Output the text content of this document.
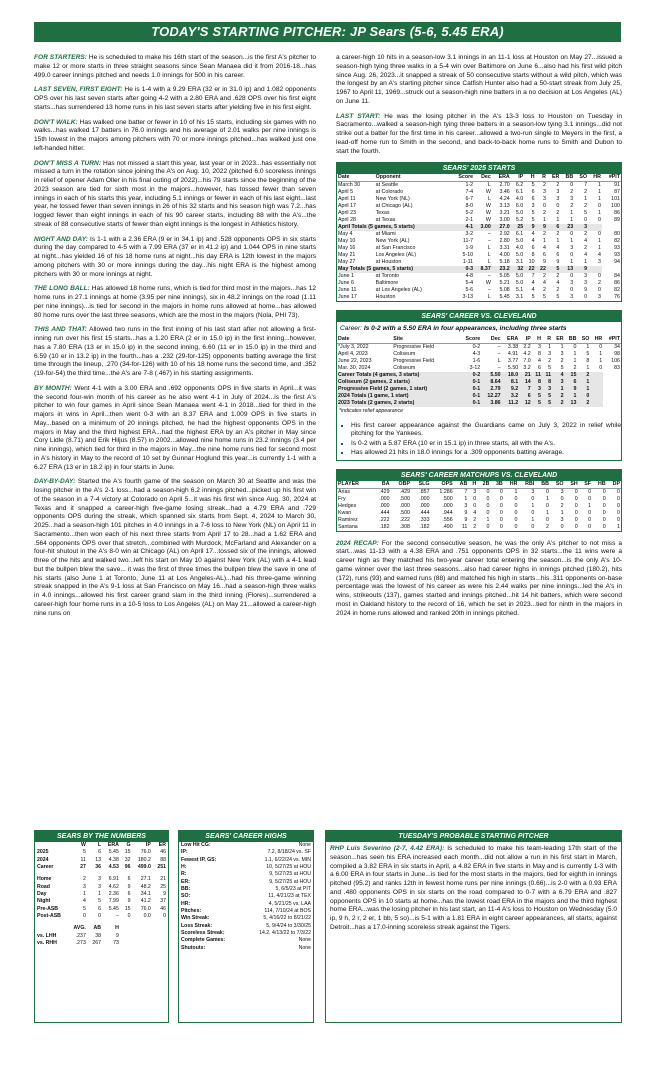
TODAY'S STARTING PITCHER: JP Sears (5-6, 5.45 ERA)

FOR STARTERS: He is scheduled to make his 16th start of the season...is the first A's pitcher to make 12 or more starts in three straight seasons since Sean Manaea did it from 2016-18...has 499.0 career innings pitched and needs 1.0 innings for 500 in his career.

LAST SEVEN, FIRST EIGHT: He is 1-4 with a 9.29 ERA (32 er in 31.0 ip) and 1.082 opponents OPS over his last seven starts after going 4-2 with a 2.80 ERA and .628 OPS over his first eight starts...has surrendered 13 home runs in his last seven starts after yielding five in his first eight.

DON'T WALK: Has walked one batter or fewer in 10 of his 15 starts, including six games with no walks...has walked 17 batters in 76.0 innings and his average of 2.01 walks per nine innings is 15th lowest in the majors among pitchers with 70 or more innings pitched...has walked just one left-handed hitter.

DON'T MISS A TURN: Has not missed a start this year, last year or in 2023...has essentially not missed a turn in the rotation since joining the A's on Aug. 10, 2022 (pitched 6.0 scoreless innings in relief of opener Adam Oller in his final outing of 2022)...his 79 starts since the beginning of the 2023 season are tied for sixth most in the majors...however, has tossed fewer than seven innings in each of his starts this year, including 5.1 innings or fewer in each of his last eight...last year, he tossed fewer than seven innings in 26 of his 32 starts and his season high was 7.2...has logged fewer than eight innings in each of his 90 career starts, including 88 with the A's...the streak of 88 consecutive starts of fewer than eight innings is the longest in Athletics history.

NIGHT AND DAY: Is 1-1 with a 2.36 ERA (9 er in 34.1 ip) and .528 opponents OPS in six starts during the day compared to 4-5 with a 7.99 ERA (37 er in 41.2 ip) and 1.044 OPS in nine starts at night...has yielded 16 of his 18 home runs at night...his day ERA is 12th lowest in the majors among pitchers with 30 or more innings during the day...his night ERA is the highest among pitchers with 30 or more innings at night.

THE LONG BALL: Has allowed 18 home runs, which is tied for third most in the majors...has 12 home runs in 27.1 innings at home (3.95 per nine innings), six in 48.2 innings on the road (1.11 per nine innings)...is tied for second in the majors in home runs allowed at home...has allowed 80 home runs over the last three seasons, which are the most in the majors (Nola, PHI 73).

THIS AND THAT: Allowed two runs in the first inning of his last start after not allowing a first-inning run over his first 15 starts...has a 1.20 ERA (2 er in 15.0 ip) in the first inning...however, has a 7.80 ERA (13 er in 15.0 ip) in the second inning, 6.60 (11 er in 15.0 ip) in the third and 6.59 (10 er in 13.2 ip) in the fourth...has a .232 (29-for-125) opponents batting average the first time through the lineup, .270 (34-for-126) with 10 of his 18 home runs the second time, and .352 (19-for-54) the third time...the A's are 7-8 (.467) in his starting assignments.

BY MONTH: Went 4-1 with a 3.00 ERA and .692 opponents OPS in five starts in April...it was the second four-win month of his career as he also went 4-1 in July of 2024...is the first A's pitcher to win four games in April since Sean Manaea went 4-1 in 2018...tied for third in the majors in wins in April...then went 0-3 with an 8.37 ERA and 1.009 OPS in five starts in May...based on a minimum of 20 innings pitched, he had the highest opponents OPS in the majors in May and the third highest ERA...had the highest ERA by an A's pitcher in May since Cory Lidle (8.71) and Erik Hiljus (8.57) in 2002...allowed nine home runs in 23.2 innings (3.4 per nine innings), which tied for third in the majors in May...the nine home runs tied for second most in A's history in May to the record of 10 set by Gunnar Hoglund this year...is currently 1-1 with a 6.27 ERA (13 er in 18.2 ip) in four starts in June.

DAY-BY-DAY: Started the A's fourth game of the season on March 30 at Seattle and was the losing pitcher in the A's 2-1 loss...had a season-high 6.2 innings pitched...picked up his first win of the season in a 7-4 victory at Colorado on April 5...it was his first win since Aug. 30, 2024 at Texas and it snapped a career-high five-game losing streak...had a 4.79 ERA and .729 opponents OPS during the streak, which spanned six starts from Sept. 4, 2024 to March 30, 2025...had a season-high 101 pitches in 4.0 innings in a 7-6 loss to New York (NL) on April 11 in Sacramento...then won each of his next three starts from April 17 to 28...had a 1.62 ERA and .564 opponents OPS over that stretch...combined with Murdock, McFarland and Alexander on a four-hit shutout in the A's 8-0 win at Chicago (AL) on April 17...tossed six of the innings, allowed three of the hits and walked two...left his start on May 10 against New York (AL) with a 4-1 lead but the bullpen blew the save... it was the first of three times the bullpen blew the save in one of his starts (also June 1 at Toronto, June 11 at Los Angeles-AL)...had his three-game winning streak snapped in the A's 9-1 loss at San Francisco on May 16...had a season-high three walks in 4.0 innings...allowed his first career grand slam in the third inning (Flores)...surrendered a career-high four home runs in a 10-5 loss to Los Angeles (AL) on May 21...allowed a career-high nine runs on

a career-high 10 hits in a season-low 3.1 innings in an 11-1 loss at Houston on May 27...issued a season-high tying three walks in a 5-4 win over Baltimore on June 6...also had his first wild pitch since Aug. 26, 2023...it snapped a streak of 50 consecutive starts without a wild pitch, which was the longest by an A's starting pitcher since Catfish Hunter also had a 50-start streak from July 25, 1967 to April 11, 1969...struck out a season-high nine batters in a no decision at Los Angeles (AL) on June 11.

LAST START: He was the losing pitcher in the A's 13-3 loss to Houston on Tuesday in Sacramento...walked a season-high tying three batters in a season-low tying 3.1 innings...did not strike out a batter for the first time in his career...allowed a two-run single to Meyers in the first, a lead-off home run to Smith in the second, and back-to-back home runs to Smith and Dubon to start the fourth.

SEARS' 2025 STARTS
Date	Opponent	Score	Dec	ERA	IP	H	R	ER	BB	SO	HR	#PIT
March 30	at Seattle	1-2	L	2.70	6.2	5	2	2	0	7	1	91
April 5	at Colorado	7-4	W	3.46	6.1	6	3	3	2	2	1	87
April 11	New York (NL)	6-7	L	4.24	4.0	6	3	3	3	1	1	101
April 17	at Chicago (AL)	8-0	W	3.13	6.0	3	0	0	2	2	0	100
April 23	Texas	5-2	W	3.21	5.0	5	2	2	1	5	1	86
April 28	at Texas	2-1	W	3.00	5.2	5	1	1	1	0	0	89
April Totals (5 games, 5 starts)		4-1	3.00	27.0	25	9	9	6	23	3		
May 4	at Miami	3-2	–	2.92	6.1	4	2	2	0	2	0	80
May 10	New York (AL)	11-7	–	2.80	5.0	4	1	1	1	4	1	82
May 16	at San Francisco	1-9	L	3.31	4.0	6	4	4	3	2	1	93
May 21	Los Angeles (AL)	5-10	L	4.00	5.0	8	6	6	0	4	4	93
May 27	at Houston	1-11	L	5.18	3.1	10	9	9	1	1	3	94
May Totals (5 games, 5 starts)		0-3	8.37	23.2	32	22	22	5	13	9		
June 1	at Toronto	4-8	–	5.05	5.0	7	2	2	0	3	0	84
June 6	Baltimore	5-4	W	5.21	5.0	4	4	4	3	3	2	86
June 11	at Los Angeles (AL)	5-6	–	5.08	5.1	4	2	2	0	9	0	82
June 17	Houston	3-13	L	5.45	3.1	5	5	5	3	0	3	76
SEARS' CAREER VS. CLEVELAND
Career: Is 0-2 with a 5.50 ERA in four appearances, including three starts
Date	Site	Score	Dec	ERA	IP	H	R	ER	BB	SO	HR	#PIT
*July 3, 2022	Progressive Field	0-2	–	3.38	2.2	3	1	1	0	1	0	34
April 4, 2023	Coliseum	4-3	–	4.91	4.2	8	3	3	1	5	1	98
June 22, 2023	Progressive Field	1-6	L	3.77	7.0	4	2	2	1	8	1	106
Mar. 30, 2024	Coliseum	3-12	–	5.50	3.2	6	5	5	2	1	0	83
Career Totals (4 games, 3 starts)		0-2	5.50	18.0	21	11	11	4	15	2		
Coliseum (2 games, 2 starts)		0-1	8.64	8.1	14	8	8	3	6	1		
Progressive Field (2 games, 1 start)		0-1	2.79	9.2	7	3	3	1	9	1		
2024 Totals (1 game, 1 start)		0-1	12.27	3.2	6	5	5	2	1	0		
2023 Totals (2 games, 2 starts)		0-1	3.86	11.2	12	5	5	2	13	2		
*indicates relief appearance
• His first career appearance against the Guardians came on July 3, 2022 in relief while pitching for the Yankees.
• Is 0-2 with a 5.87 ERA (10 er in 15.1 ip) in three starts, all with the A's.
• Has allowed 21 hits in 18.0 innings for a .309 opponents batting average.
SEARS' CAREER MATCHUPS VS. CLEVELAND
PLAYER	BA	OBP	SLG	OPS	AB	H	2B	3B	HR	RBI	BB	SO	SH	SF	HB	DP
Arias	.429	.429	.857	1.286	7	3	0	0	1	3	0	3	0	0	0	0
Fry	.000	.500	.000	.500	1	0	0	0	0	0	1	0	0	0	0	0
Hedges	.000	.000	.000	.000	3	0	0	0	0	1	0	2	0	1	0	0
Kwan	.444	.500	.444	.944	9	4	0	0	0	0	1	1	0	0	0	0
Ramirez	.222	.222	.333	.556	9	2	1	0	0	1	0	3	0	0	0	0
Santana	.182	.308	.182	.490	11	2	0	0	0	0	2	0	0	0	0	1

2024 RECAP: For the second consecutive season, he was the only A's pitcher to not miss a start...was 11-13 with a 4.38 ERA and .751 opponents OPS in 32 starts...the 11 wins were a career high as they matched his two-year career total entering the season...is the only A's 10-game winner over the last three seasons...also had career highs in innings pitched (180.2), hits (172), runs (93) and earned runs (88) and matched his high in starts...his .311 opponents on-base percentage was the lowest of his career as were his 2.44 walks per nine innings...led the A's in wins, strikeouts (137), games started and innings pitched...hit 14 hit batters, which were second most in Oakland history to the record of 16, which he set in 2023...tied for ninth in the majors in 2024 in home runs allowed and ranked 20th in innings pitched.

SEARS BY THE NUMBERS
	W	L	ERA	G	IP	ER
2025	5	6	5.45	15	76.0	46
2024	11	13	4.38	32	180.2	88
Career	27	36	4.53	96	499.0	251

Home	2	3	6.91	6	27.1	21
Road	3	3	4.62	9	48.2	25
Day	1	1	2.36	6	34.1	9
Night	4	5	7.99	9	41.2	37
Pre-ASB	5	6	5.45	15	76.0	46
Post-ASB	0	0	–	0	0.0	0

	AVG.	AB	H			
vs. LHH	.237	38	9			
vs. RHH	.273	267	73			
SEARS' CAREER HIGHS
Low Hit CG:	None
IP:	7.2, 8/18/24 vs. SF
Fewest IP, GS:	1.1, 6/22/24 vs. MIN
H:	10, 5/27/25 at HOU
R:	9, 5/27/25 at HOU
ER:	9, 5/27/25 at HOU
BB:	5, 6/5/23 at PIT
SO:	11, 4/21/23 at TEX
HR:	4, 5/21/25 vs. LAA
Pitches:	114, 7/10/24 at BOS
Win Streak:	5, 4/16/22 to 8/21/22
Loss Streak:	5, 9/4/24 to 3/30/25
Scoreless Streak:	14.2, 4/13/22 to 7/3/22
Complete Games:	None
Shutouts:	None
TUESDAY'S PROBABLE STARTING PITCHER
RHP Luis Severino (2-7, 4.42 ERA): Is scheduled to make his team-leading 17th start of the season...has seen his ERA increased each month...did not allow a run in his first start in March, compiled a 3.82 ERA in six starts in April, a 4.82 ERA in five starts in May and is currently 1-3 with a 6.00 ERA in four starts in June...is tied for the most starts in the majors, tied for eighth in innings pitched (95.2) and ranks 12th in fewest home runs per nine innings (0.66)...is 2-0 with a 0.93 ERA and .480 opponents OPS in six starts on the road compared to 0-7 with a 6.79 ERA and .827 opponents OPS in 10 starts at home...has the lowest road ERA in the majors and the third highest home ERA...was the losing pitcher in his last start, an 11-4 A's loss to Houston on Wednesday (5.0 ip, 9 h, 2 r, 2 er, 1 bb, 5 so)...is 5-1 with a 1.81 ERA in eight career appearances, all starts, against Detroit...has a 17.0-inning scoreless streak against the Tigers.
